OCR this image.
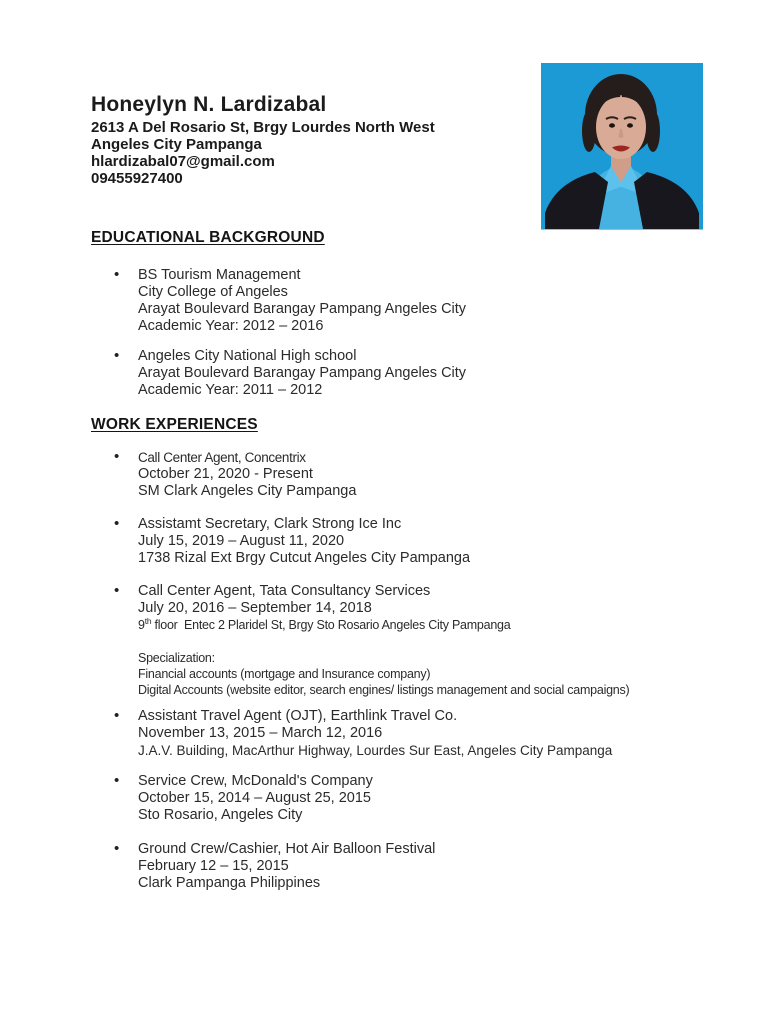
Honeylyn N. Lardizabal
2613 A Del Rosario St, Brgy Lourdes North West
Angeles City Pampanga
hlardizabal07@gmail.com
09455927400
EDUCATIONAL BACKGROUND
• BS Tourism Management
City College of Angeles
Arayat Boulevard Barangay Pampang Angeles City
Academic Year: 2012 – 2016
• Angeles City National High school
Arayat Boulevard Barangay Pampang Angeles City
Academic Year: 2011 – 2012
WORK EXPERIENCES
• Call Center Agent, Concentrix
October 21, 2020 - Present
SM Clark Angeles City Pampanga
• Assistamt Secretary, Clark Strong Ice Inc
July 15, 2019 – August 11, 2020
1738 Rizal Ext Brgy Cutcut Angeles City Pampanga
• Call Center Agent, Tata Consultancy Services
July 20, 2016 – September 14, 2018
9th floor  Entec 2 Plaridel St, Brgy Sto Rosario Angeles City Pampanga
Specialization:
Financial accounts (mortgage and Insurance company)
Digital Accounts (website editor, search engines/ listings management and social campaigns)
• Assistant Travel Agent (OJT), Earthlink Travel Co.
November 13, 2015 – March 12, 2016
J.A.V. Building, MacArthur Highway, Lourdes Sur East, Angeles City Pampanga
• Service Crew, McDonald's Company
October 15, 2014 – August 25, 2015
Sto Rosario, Angeles City
• Ground Crew/Cashier, Hot Air Balloon Festival
February 12 – 15, 2015
Clark Pampanga Philippines
